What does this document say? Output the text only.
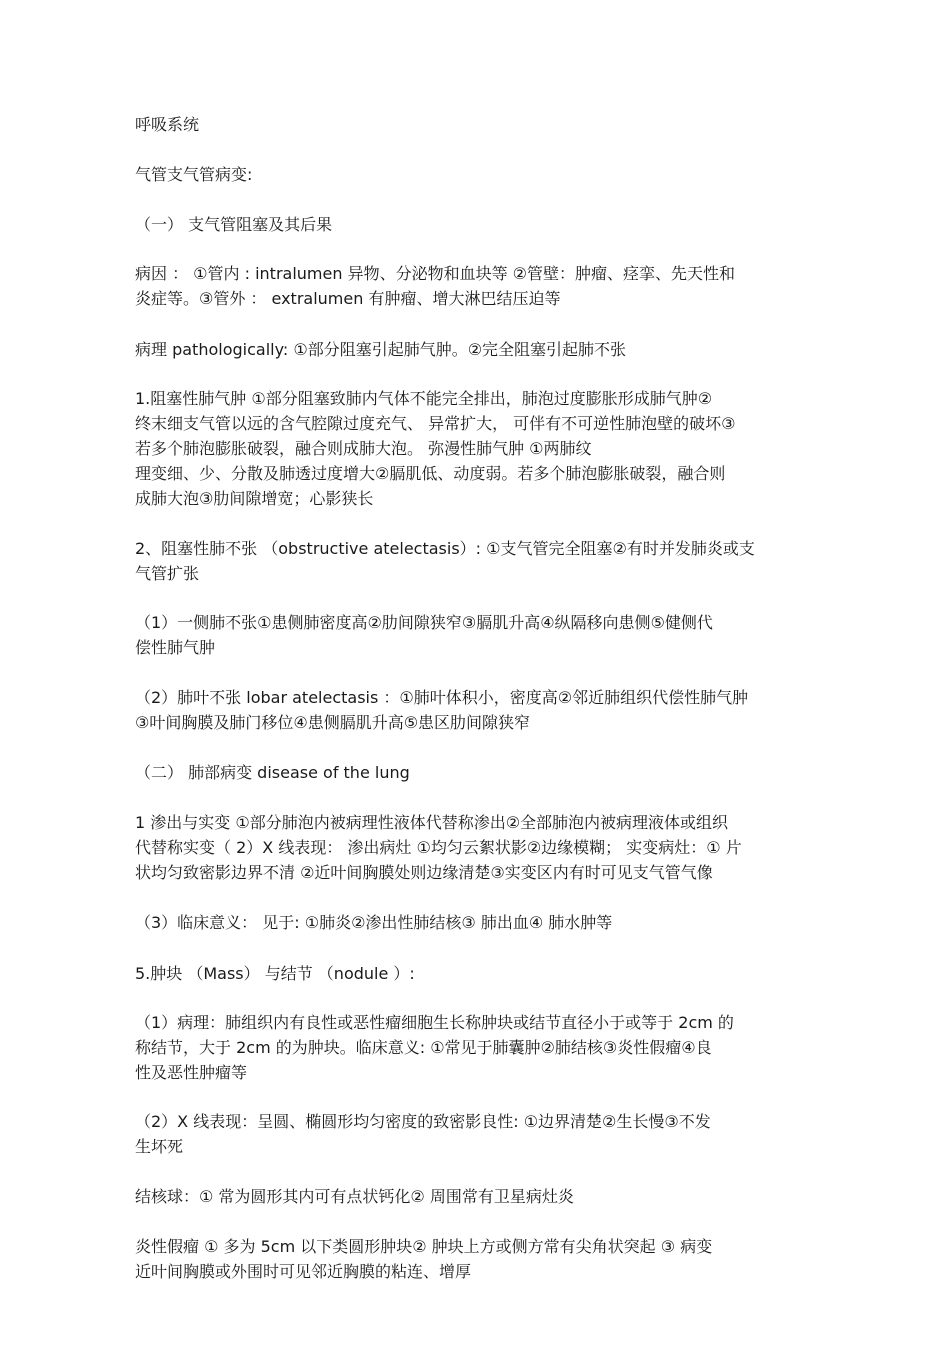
呼吸系统
气管支气管病变:
（一） 支气管阻塞及其后果
病因 ： ①管内 : intralumen 异物、分泌物和血块等 ②管壁：肿瘤、痉挛、先天性和
炎症等。③管外 ： extralumen 有肿瘤、增大淋巴结压迫等
病理 pathologically: ①部分阻塞引起肺气肿。②完全阻塞引起肺不张
1.阻塞性肺气肿 ①部分阻塞致肺内气体不能完全排出，肺泡过度膨胀形成肺气肿②
终末细支气管以远的含气腔隙过度充气、 异常扩大， 可伴有不可逆性肺泡壁的破坏③
若多个肺泡膨胀破裂，融合则成肺大泡。 弥漫性肺气肿 ①两肺纹
理变细、少、分散及肺透过度增大②膈肌低、动度弱。若多个肺泡膨胀破裂，融合则
成肺大泡③肋间隙增宽；心影狭长
2、阻塞性肺不张 （obstructive atelectasis）: ①支气管完全阻塞②有时并发肺炎或支
气管扩张
（1）一侧肺不张①患侧肺密度高②肋间隙狭窄③膈肌升高④纵隔移向患侧⑤健侧代
偿性肺气肿
（2）肺叶不张 lobar atelectasis ：①肺叶体积小，密度高②邻近肺组织代偿性肺气肿
③叶间胸膜及肺门移位④患侧膈肌升高⑤患区肋间隙狭窄
（二） 肺部病变 disease of the lung
1 渗出与实变 ①部分肺泡内被病理性液体代替称渗出②全部肺泡内被病理液体或组织
代替称实变（ 2）X 线表现： 渗出病灶 ①均匀云絮状影②边缘模糊； 实变病灶：① 片
状均匀致密影边界不清 ②近叶间胸膜处则边缘清楚③实变区内有时可见支气管气像
（3）临床意义： 见于: ①肺炎②渗出性肺结核③ 肺出血④ 肺水肿等
5.肿块 （Mass） 与结节 （nodule ）:
（1）病理：肺组织内有良性或恶性瘤细胞生长称肿块或结节直径小于或等于 2cm 的
称结节，大于 2cm 的为肿块。临床意义: ①常见于肺囊肿②肺结核③炎性假瘤④良
性及恶性肿瘤等
（2）X 线表现：呈圆、椭圆形均匀密度的致密影良性: ①边界清楚②生长慢③不发
生坏死
结核球：① 常为圆形其内可有点状钙化② 周围常有卫星病灶炎
炎性假瘤 ① 多为 5cm 以下类圆形肿块② 肿块上方或侧方常有尖角状突起 ③ 病变
近叶间胸膜或外围时可见邻近胸膜的粘连、增厚
